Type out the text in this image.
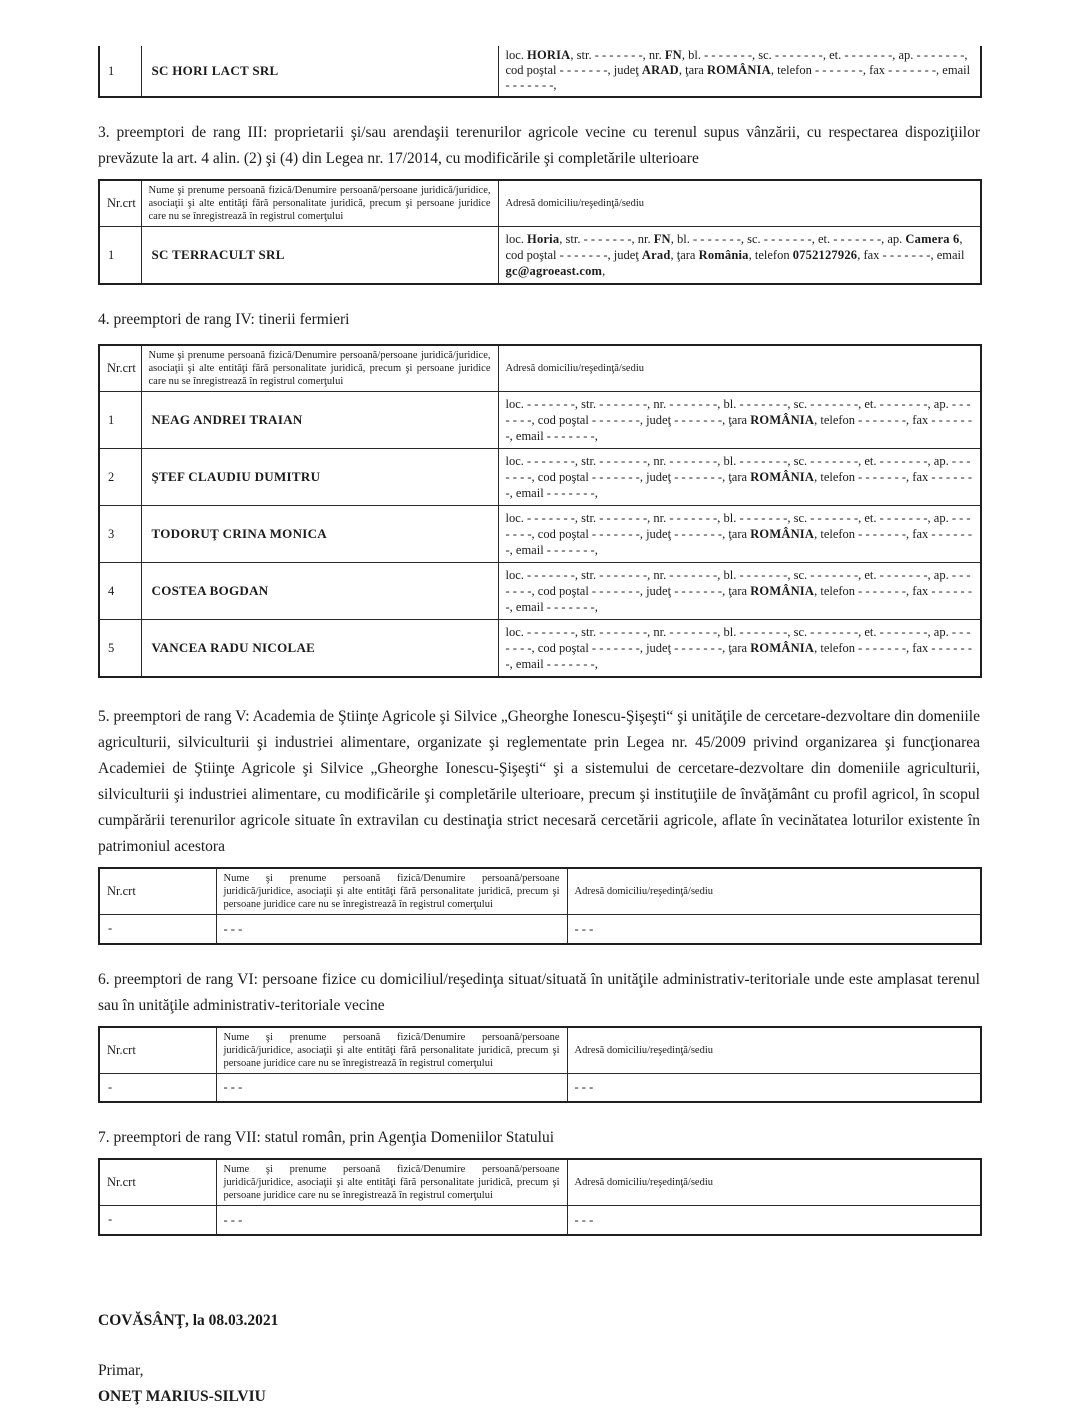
1	SC HORI LACT SRL	loc. HORIA, str. - - - - - - -, nr. FN, bl. - - - - - - -, sc. - - - - - - -, et. - - - - - - -, ap. - - - - - - -, cod poştal - - - - - - -, judeţ ARAD, ţara ROMÂNIA, telefon - - - - - - -, fax - - - - - - -, email - - - - - - -,
3. preemptori de rang III: proprietarii şi/sau arendaşii terenurilor agricole vecine cu terenul supus vânzării, cu respectarea dispoziţiilor prevăzute la art. 4 alin. (2) şi (4) din Legea nr. 17/2014, cu modificările şi completările ulterioare
Nr.crt	Nume şi prenume persoană fizică/Denumire persoană/persoane juridică/juridice, asociaţii şi alte entităţi fără personalitate juridică, precum şi persoane juridice care nu se înregistrează în registrul comerţului	Adresă domiciliu/reşedinţă/sediu
1	SC TERRACULT SRL	loc. Horia, str. - - - - - - -, nr. FN, bl. - - - - - - -, sc. - - - - - - -, et. - - - - - - -, ap. Camera 6, cod poştal - - - - - - -, judeţ Arad, ţara România, telefon 0752127926, fax - - - - - - -, email gc@agroeast.com,
4. preemptori de rang IV: tinerii fermieri
Nr.crt	Nume şi prenume persoană fizică/Denumire persoană/persoane juridică/juridice, asociaţii şi alte entităţi fără personalitate juridică, precum şi persoane juridice care nu se înregistrează în registrul comerţului	Adresă domiciliu/reşedinţă/sediu
1	NEAG ANDREI TRAIAN	loc. - - - - - - -, str. - - - - - - -, nr. - - - - - - -, bl. - - - - - - -, sc. - - - - - - -, et. - - - - - - -, ap. - - - - - - -, cod poştal - - - - - - -, judeţ - - - - - - -, ţara ROMÂNIA, telefon - - - - - - -, fax - - - - - - -, email - - - - - - -,
2	ŞTEF CLAUDIU DUMITRU	loc. - - - - - - -, str. - - - - - - -, nr. - - - - - - -, bl. - - - - - - -, sc. - - - - - - -, et. - - - - - - -, ap. - - - - - - -, cod poştal - - - - - - -, judeţ - - - - - - -, ţara ROMÂNIA, telefon - - - - - - -, fax - - - - - - -, email - - - - - - -,
3	TODORUŢ CRINA MONICA	loc. - - - - - - -, str. - - - - - - -, nr. - - - - - - -, bl. - - - - - - -, sc. - - - - - - -, et. - - - - - - -, ap. - - - - - - -, cod poştal - - - - - - -, judeţ - - - - - - -, ţara ROMÂNIA, telefon - - - - - - -, fax - - - - - - -, email - - - - - - -,
4	COSTEA BOGDAN	loc. - - - - - - -, str. - - - - - - -, nr. - - - - - - -, bl. - - - - - - -, sc. - - - - - - -, et. - - - - - - -, ap. - - - - - - -, cod poştal - - - - - - -, judeţ - - - - - - -, ţara ROMÂNIA, telefon - - - - - - -, fax - - - - - - -, email - - - - - - -,
5	VANCEA RADU NICOLAE	loc. - - - - - - -, str. - - - - - - -, nr. - - - - - - -, bl. - - - - - - -, sc. - - - - - - -, et. - - - - - - -, ap. - - - - - - -, cod poştal - - - - - - -, judeţ - - - - - - -, ţara ROMÂNIA, telefon - - - - - - -, fax - - - - - - -, email - - - - - - -,
5. preemptori de rang V: Academia de Ştiinţe Agricole şi Silvice „Gheorghe Ionescu-Şişeşti“ şi unităţile de cercetare-dezvoltare din domeniile agriculturii, silviculturii şi industriei alimentare, organizate şi reglementate prin Legea nr. 45/2009 privind organizarea şi funcţionarea Academiei de Ştiinţe Agricole şi Silvice „Gheorghe Ionescu-Şişeşti“ şi a sistemului de cercetare-dezvoltare din domeniile agriculturii, silviculturii şi industriei alimentare, cu modificările şi completările ulterioare, precum şi instituţiile de învăţământ cu profil agricol, în scopul cumpărării terenurilor agricole situate în extravilan cu destinaţia strict necesară cercetării agricole, aflate în vecinătatea loturilor existente în patrimoniul acestora
Nr.crt	Nume şi prenume persoană fizică/Denumire persoană/persoane juridică/juridice, asociaţii şi alte entităţi fără personalitate juridică, precum şi persoane juridice care nu se înregistrează în registrul comerţului	Adresă domiciliu/reşedinţă/sediu
-	- - -	- - -
6. preemptori de rang VI: persoane fizice cu domiciliul/reşedinţa situat/situată în unităţile administrativ-teritoriale unde este amplasat terenul sau în unităţile administrativ-teritoriale vecine
Nr.crt	Nume şi prenume persoană fizică/Denumire persoană/persoane juridică/juridice, asociaţii şi alte entităţi fără personalitate juridică, precum şi persoane juridice care nu se înregistrează în registrul comerţului	Adresă domiciliu/reşedinţă/sediu
-	- - -	- - -
7. preemptori de rang VII: statul român, prin Agenţia Domeniilor Statului
Nr.crt	Nume şi prenume persoană fizică/Denumire persoană/persoane juridică/juridice, asociaţii şi alte entităţi fără personalitate juridică, precum şi persoane juridice care nu se înregistrează în registrul comerţului	Adresă domiciliu/reşedinţă/sediu
-	- - -	- - -
COVĂSÂNŢ, la 08.03.2021
Primar,
ONEŢ MARIUS-SILVIU
